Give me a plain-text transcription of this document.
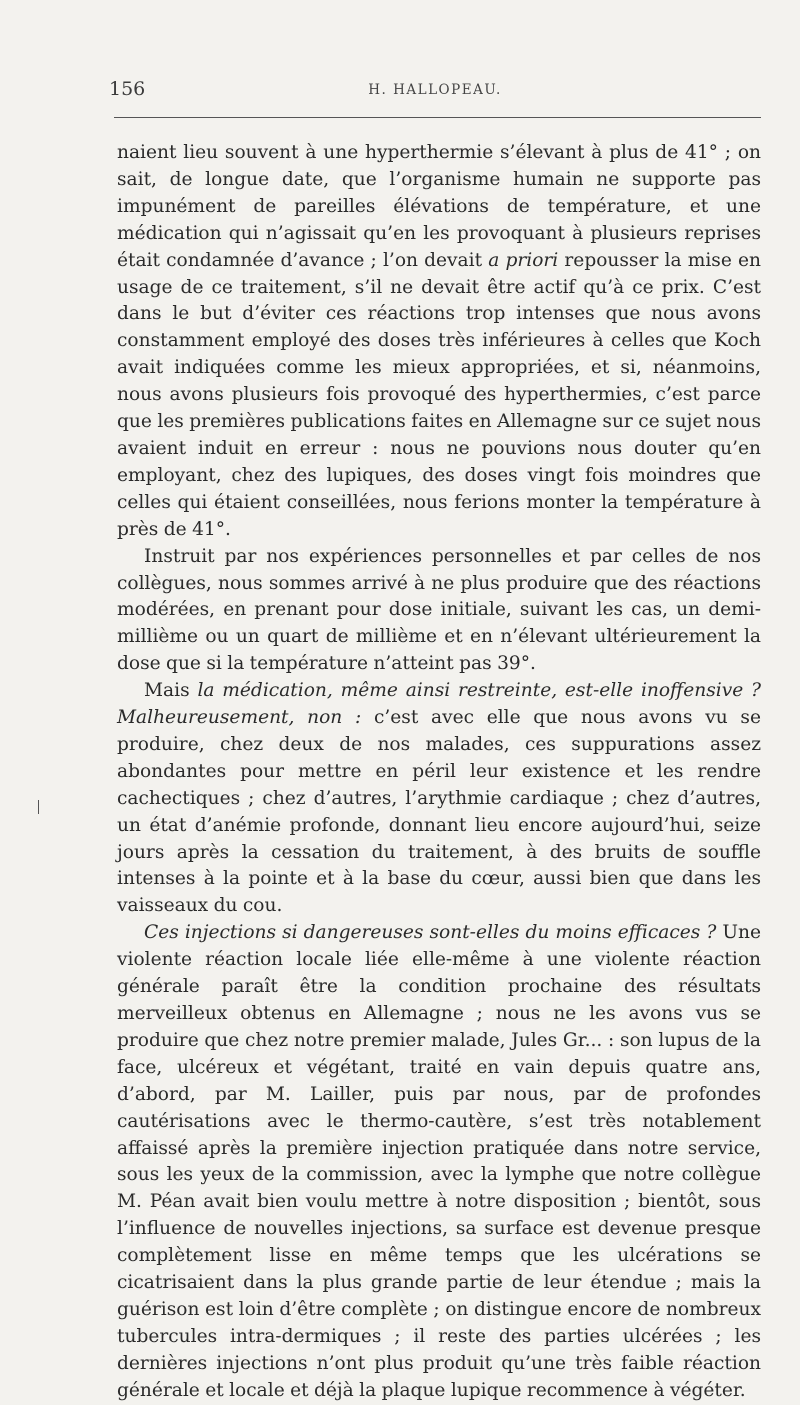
156	H. HALLOPEAU.

naient lieu souvent à une hyperthermie s’élevant à plus de 41° ; on sait, de longue date, que l’organisme humain ne supporte pas impunément de pareilles élévations de température, et une médication qui n’agissait qu’en les provoquant à plusieurs reprises était condamnée d’avance ; l’on devait a priori repousser la mise en usage de ce traitement, s’il ne devait être actif qu’à ce prix. C’est dans le but d’éviter ces réactions trop intenses que nous avons constamment employé des doses très inférieures à celles que Koch avait indiquées comme les mieux appropriées, et si, néanmoins, nous avons plusieurs fois provoqué des hyperthermies, c’est parce que les premières publications faites en Allemagne sur ce sujet nous avaient induit en erreur : nous ne pouvions nous douter qu’en employant, chez des lupiques, des doses vingt fois moindres que celles qui étaient conseillées, nous ferions monter la température à près de 41°.

Instruit par nos expériences personnelles et par celles de nos collègues, nous sommes arrivé à ne plus produire que des réactions modérées, en prenant pour dose initiale, suivant les cas, un demi-millième ou un quart de millième et en n’élevant ultérieurement la dose que si la température n’atteint pas 39°.

Mais la médication, même ainsi restreinte, est-elle inoffensive ? Malheureusement, non : c’est avec elle que nous avons vu se produire, chez deux de nos malades, ces suppurations assez abondantes pour mettre en péril leur existence et les rendre cachectiques ; chez d’autres, l’arythmie cardiaque ; chez d’autres, un état d’anémie profonde, donnant lieu encore aujourd’hui, seize jours après la cessation du traitement, à des bruits de souffle intenses à la pointe et à la base du cœur, aussi bien que dans les vaisseaux du cou.

Ces injections si dangereuses sont-elles du moins efficaces ? Une violente réaction locale liée elle-même à une violente réaction générale paraît être la condition prochaine des résultats merveilleux obtenus en Allemagne ; nous ne les avons vus se produire que chez notre premier malade, Jules Gr... : son lupus de la face, ulcéreux et végétant, traité en vain depuis quatre ans, d’abord, par M. Lailler, puis par nous, par de profondes cautérisations avec le thermo-cautère, s’est très notablement affaissé après la première injection pratiquée dans notre service, sous les yeux de la commission, avec la lymphe que notre collègue M. Péan avait bien voulu mettre à notre disposition ; bientôt, sous l’influence de nouvelles injections, sa surface est devenue presque complètement lisse en même temps que les ulcérations se cicatrisaient dans la plus grande partie de leur étendue ; mais la guérison est loin d’être complète ; on distingue encore de nombreux tubercules intra-dermiques ; il reste des parties ulcérées ; les dernières injections n’ont plus produit qu’une très faible réaction générale et locale et déjà la plaque lupique recommence à végéter.
